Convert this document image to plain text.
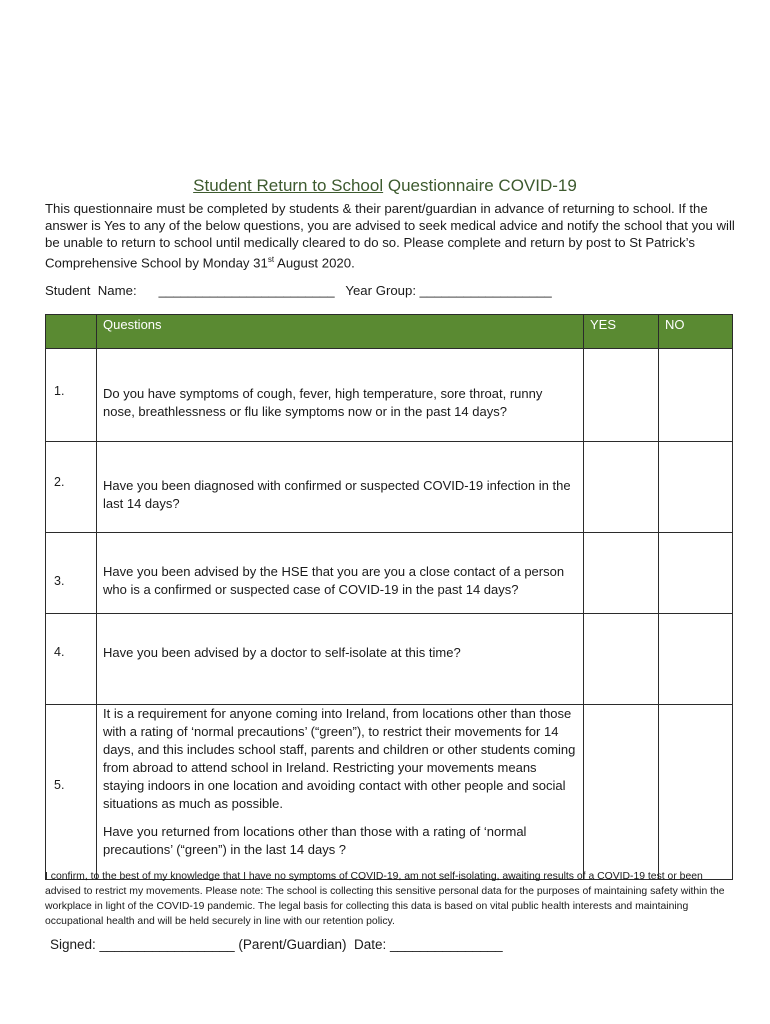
Student Return to School Questionnaire COVID-19
This questionnaire must be completed by students & their parent/guardian in advance of returning to school. If the answer is Yes to any of the below questions, you are advised to seek medical advice and notify the school that you will be unable to return to school until medically cleared to do so. Please complete and return by post to St Patrick’s Comprehensive School by Monday 31st August 2020.
Student  Name:      ________________________   Year Group: __________________
	Questions	YES	NO

1.	Do you have symptoms of cough, fever, high temperature, sore throat, runny nose, breathlessness or flu like symptoms now or in the past 14 days?		

2.	Have you been diagnosed with confirmed or suspected COVID-19 infection in the last 14 days?		

3.	Have you been advised by the HSE that you are you a close contact of a person who is a confirmed or suspected case of COVID-19 in the past 14 days?		

4.	Have you been advised by a doctor to self-isolate at this time?		

5.	It is a requirement for anyone coming into Ireland, from locations other than those with a rating of ‘normal precautions’ (“green”), to restrict their movements for 14 days, and this includes school staff, parents and children or other students coming from abroad to attend school in Ireland. Restricting your movements means staying indoors in one location and avoiding contact with other people and social situations as much as possible.
Have you returned from locations other than those with a rating of ‘normal precautions’ (“green”) in the last 14 days ?		

I confirm, to the best of my knowledge that I have no symptoms of COVID-19, am not self-isolating, awaiting results of a COVID-19 test or been advised to restrict my movements. Please note: The school is collecting this sensitive personal data for the purposes of maintaining safety within the workplace in light of the COVID-19 pandemic. The legal basis for collecting this data is based on vital public health interests and maintaining occupational health and will be held securely in line with our retention policy.
Signed: __________________ (Parent/Guardian)  Date: _______________
